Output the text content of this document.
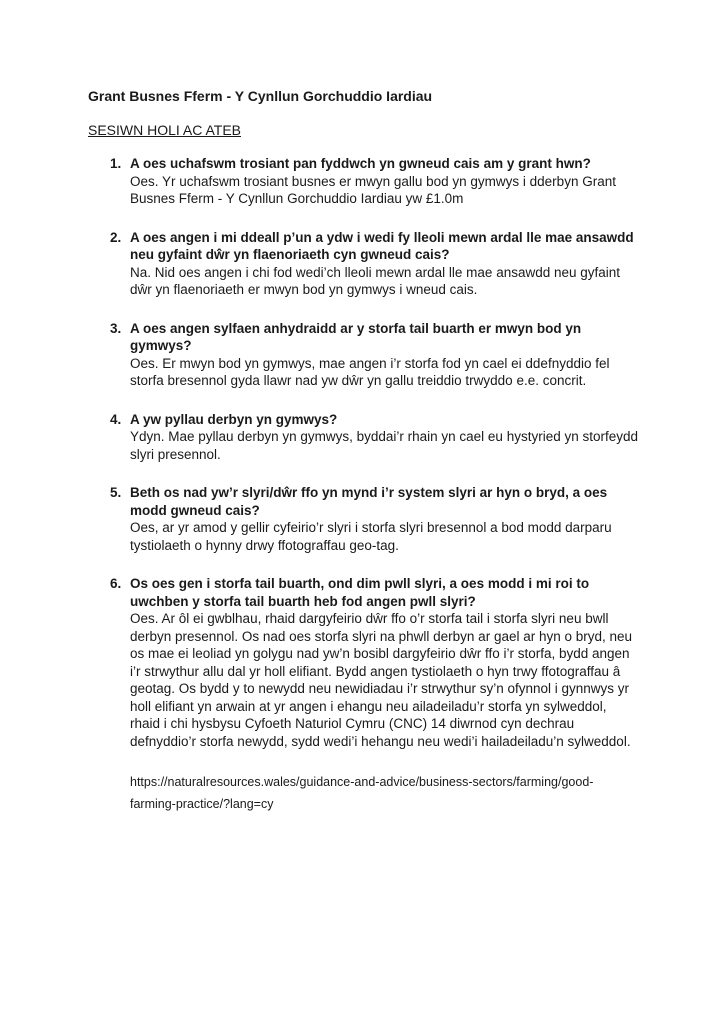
Grant Busnes Fferm - Y Cynllun Gorchuddio Iardiau
SESIWN HOLI AC ATEB
1. A oes uchafswm trosiant pan fyddwch yn gwneud cais am y grant hwn?
Oes. Yr uchafswm trosiant busnes er mwyn gallu bod yn gymwys i dderbyn Grant Busnes Fferm - Y Cynllun Gorchuddio Iardiau yw £1.0m
2. A oes angen i mi ddeall p’un a ydw i wedi fy lleoli mewn ardal lle mae ansawdd neu gyfaint dŵr yn flaenoriaeth cyn gwneud cais?
Na. Nid oes angen i chi fod wedi’ch lleoli mewn ardal lle mae ansawdd neu gyfaint dŵr yn flaenoriaeth er mwyn bod yn gymwys i wneud cais.
3. A oes angen sylfaen anhydraidd ar y storfa tail buarth er mwyn bod yn gymwys?
Oes. Er mwyn bod yn gymwys, mae angen i’r storfa fod yn cael ei ddefnyddio fel storfa bresennol gyda llawr nad yw dŵr yn gallu treiddio trwyddo e.e. concrit.
4. A yw pyllau derbyn yn gymwys?
Ydyn. Mae pyllau derbyn yn gymwys, byddai’r rhain yn cael eu hystyried yn storfeydd slyri presennol.
5. Beth os nad yw’r slyri/dŵr ffo yn mynd i’r system slyri ar hyn o bryd, a oes modd gwneud cais?
Oes, ar yr amod y gellir cyfeirio’r slyri i storfa slyri bresennol a bod modd darparu tystiolaeth o hynny drwy ffotograffau geo-tag.
6. Os oes gen i storfa tail buarth, ond dim pwll slyri, a oes modd i mi roi to uwchben y storfa tail buarth heb fod angen pwll slyri?
Oes. Ar ôl ei gwblhau, rhaid dargyfeirio dŵr ffo o’r storfa tail i storfa slyri neu bwll derbyn presennol. Os nad oes storfa slyri na phwll derbyn ar gael ar hyn o bryd, neu os mae ei leoliad yn golygu nad yw’n bosibl dargyfeirio dŵr ffo i’r storfa, bydd angen i’r strwythur allu dal yr holl elifiant. Bydd angen tystiolaeth o hyn trwy ffotograffau â geotag. Os bydd y to newydd neu newidiadau i’r strwythur sy’n ofynnol i gynnwys yr holl elifiant yn arwain at yr angen i ehangu neu ailadeiladu’r storfa yn sylweddol, rhaid i chi hysbysu Cyfoeth Naturiol Cymru (CNC) 14 diwrnod cyn dechrau defnyddio’r storfa newydd, sydd wedi’i hehangu neu wedi’i hailadeiladu’n sylweddol.

https://naturalresources.wales/guidance-and-advice/business-sectors/farming/good-farming-practice/?lang=cy
